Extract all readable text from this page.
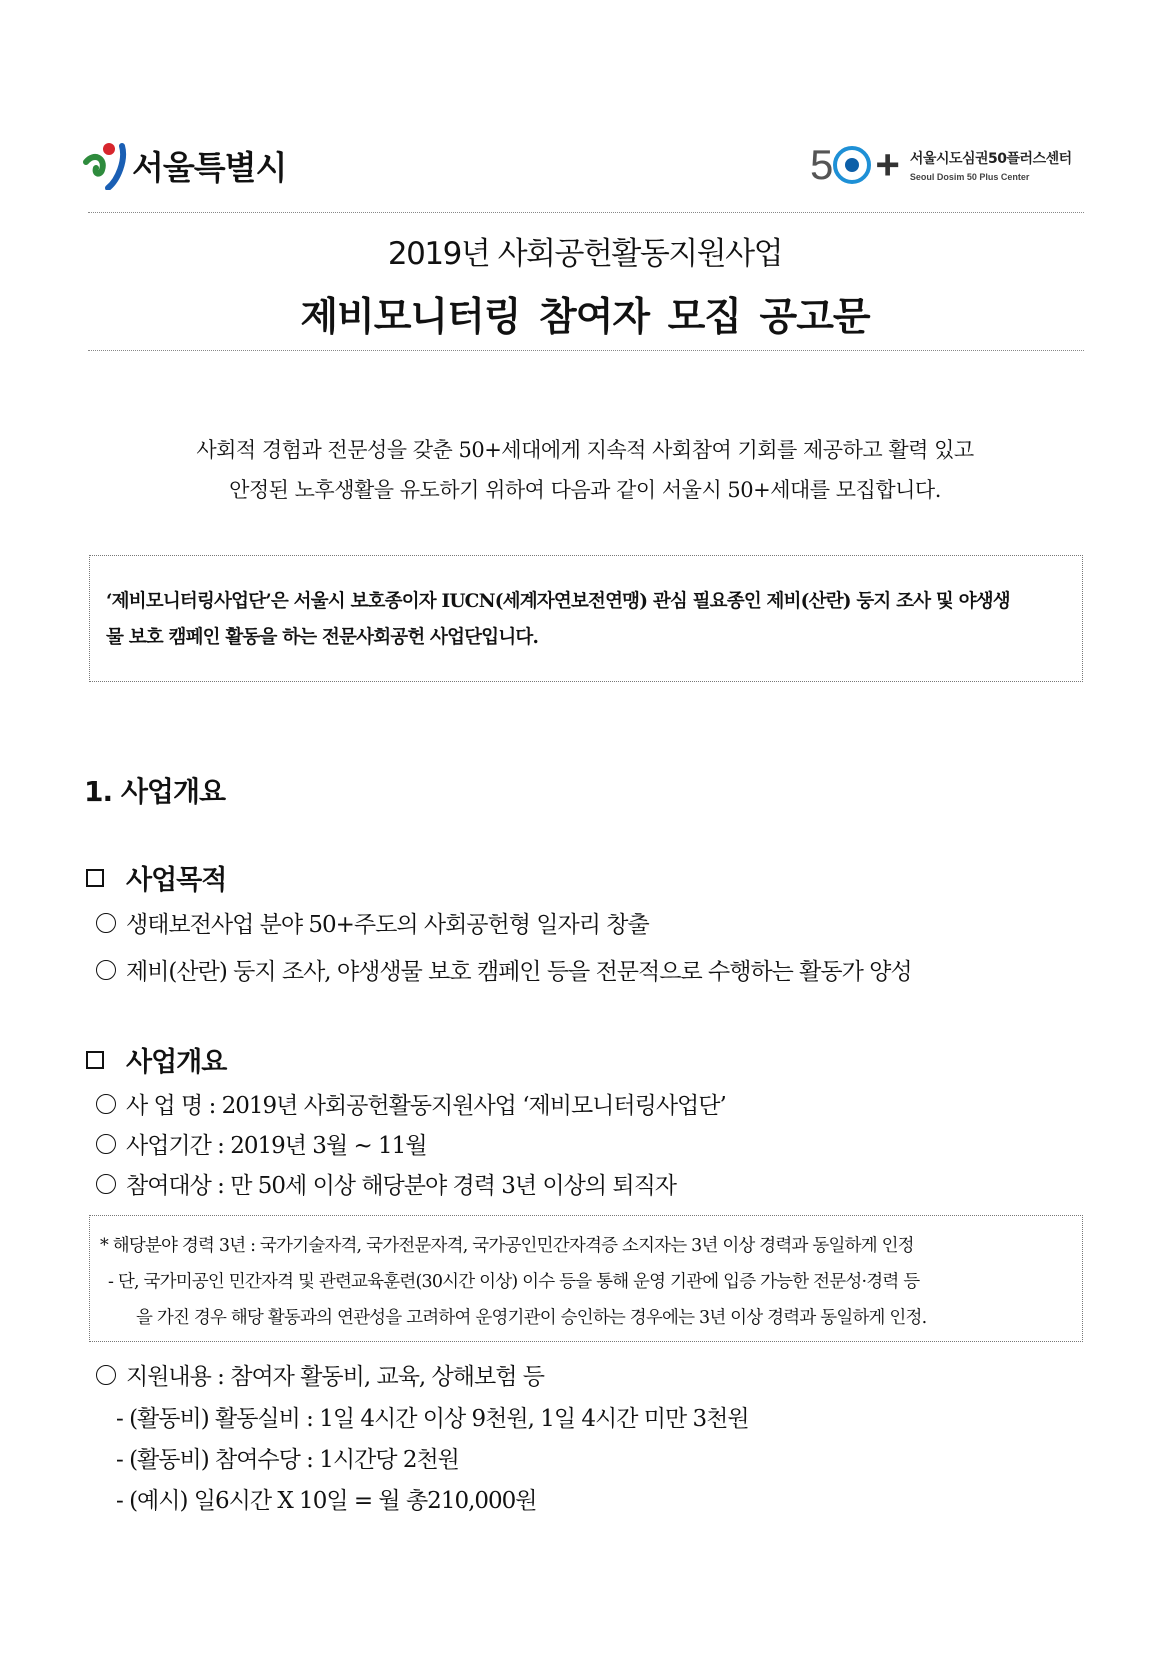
서울특별시	5 + 서울시도심권50플러스센터
Seoul Dosim 50 Plus Center
2019년 사회공헌활동지원사업
제비모니터링 참여자 모집 공고문
사회적 경험과 전문성을 갖춘 50+세대에게 지속적 사회참여 기회를 제공하고 활력 있고
안정된 노후생활을 유도하기 위하여 다음과 같이 서울시 50+세대를 모집합니다.
‘제비모니터링사업단’은 서울시 보호종이자 IUCN(세계자연보전연맹) 관심 필요종인 제비(산란) 둥지 조사 및 야생생
물 보호 캠페인 활동을 하는 전문사회공헌 사업단입니다.
1. 사업개요
사업목적
생태보전사업 분야 50+주도의 사회공헌형 일자리 창출
제비(산란) 둥지 조사, 야생생물 보호 캠페인 등을 전문적으로 수행하는 활동가 양성
사업개요
사 업 명 : 2019년 사회공헌활동지원사업 ‘제비모니터링사업단’
사업기간 : 2019년 3월 ~ 11월
참여대상 : 만 50세 이상 해당분야 경력 3년 이상의 퇴직자
* 해당분야 경력 3년 : 국가기술자격, 국가전문자격, 국가공인민간자격증 소지자는 3년 이상 경력과 동일하게 인정
- 단, 국가미공인 민간자격 및 관련교육훈련(30시간 이상) 이수 등을 통해 운영 기관에 입증 가능한 전문성·경력 등
을 가진 경우 해당 활동과의 연관성을 고려하여 운영기관이 승인하는 경우에는 3년 이상 경력과 동일하게 인정.
지원내용 : 참여자 활동비, 교육, 상해보험 등
- (활동비) 활동실비 : 1일 4시간 이상 9천원, 1일 4시간 미만 3천원
- (활동비) 참여수당 : 1시간당 2천원
- (예시) 일6시간 X 10일 = 월 총210,000원
